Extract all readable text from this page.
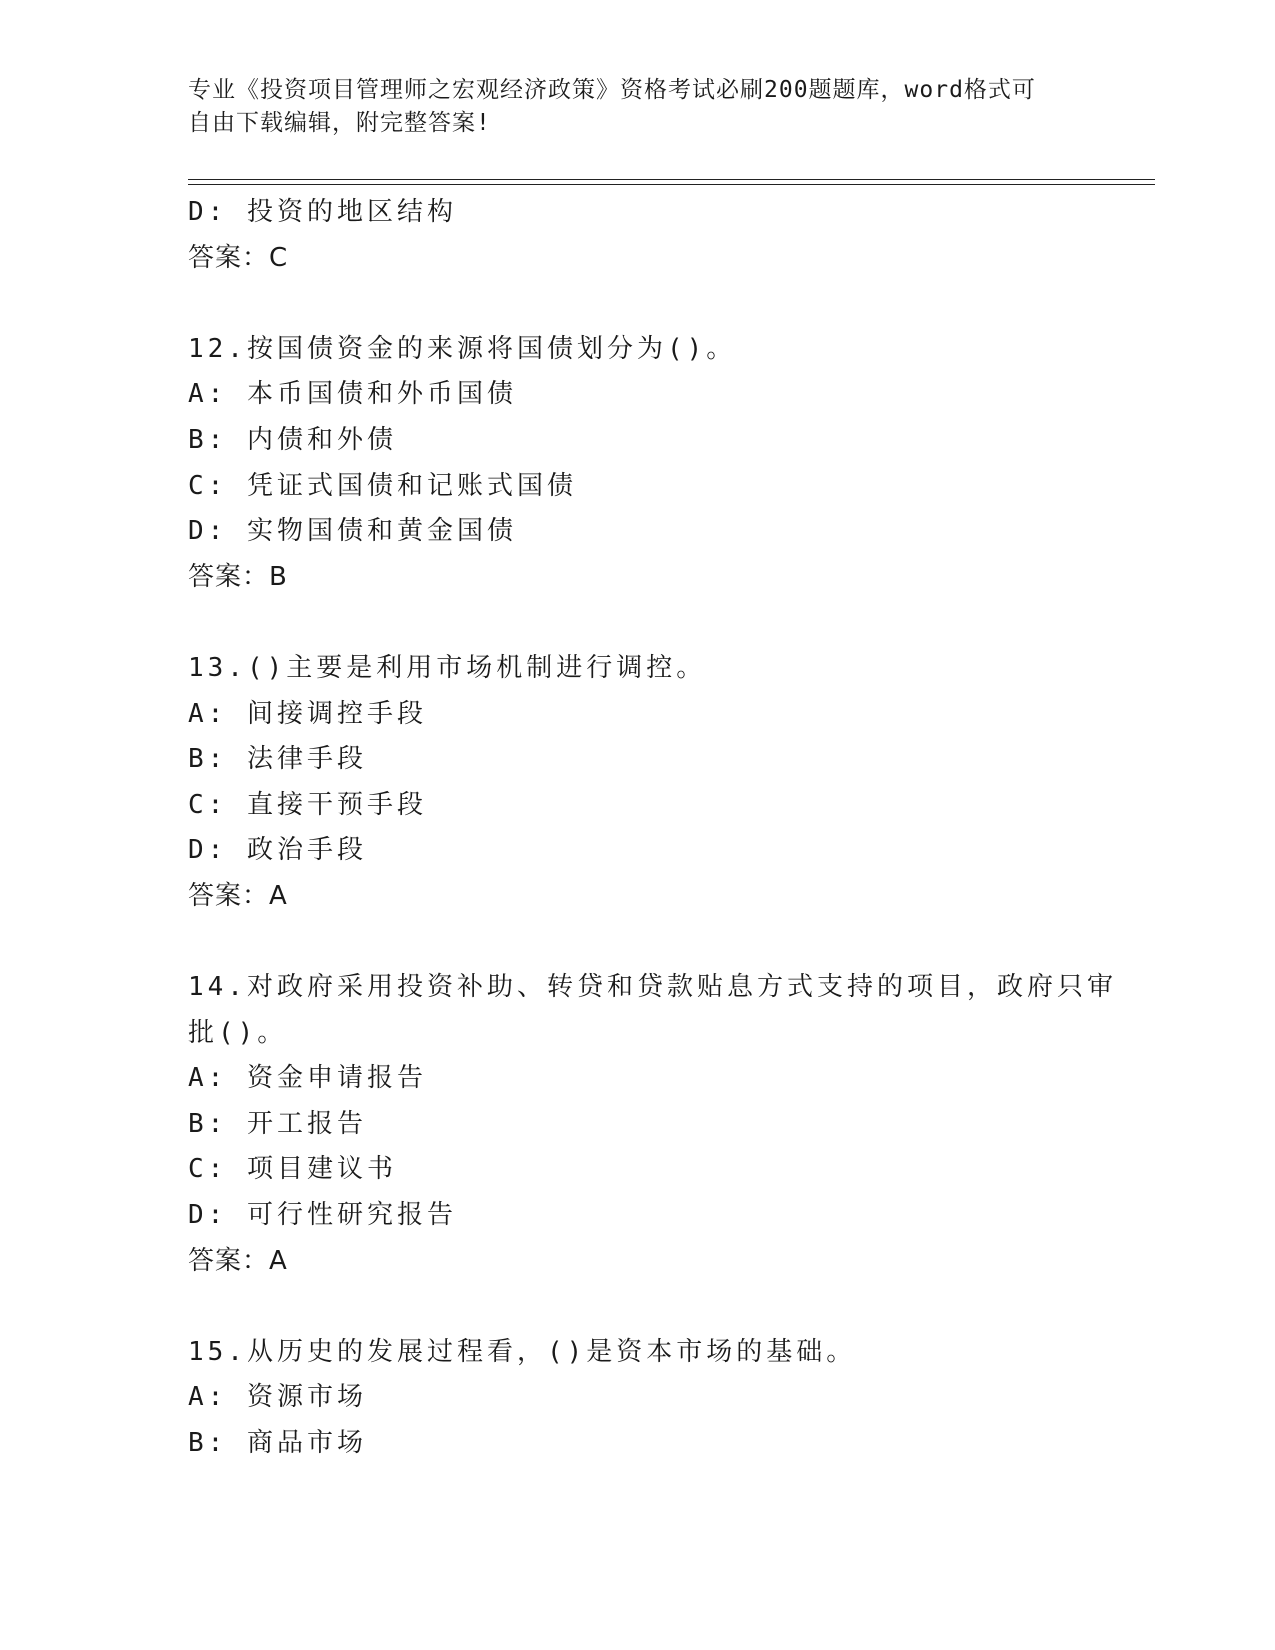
专业《投资项目管理师之宏观经济政策》资格考试必刷200题题库，word格式可
自由下载编辑，附完整答案!
D: 投资的地区结构
答案：C
12.按国债资金的来源将国债划分为()。
A: 本币国债和外币国债
B: 内债和外债
C: 凭证式国债和记账式国债
D: 实物国债和黄金国债
答案：B
13.()主要是利用市场机制进行调控。
A: 间接调控手段
B: 法律手段
C: 直接干预手段
D: 政治手段
答案：A
14.对政府采用投资补助、转贷和贷款贴息方式支持的项目，政府只审
批()。
A: 资金申请报告
B: 开工报告
C: 项目建议书
D: 可行性研究报告
答案：A
15.从历史的发展过程看，()是资本市场的基础。
A: 资源市场
B: 商品市场
